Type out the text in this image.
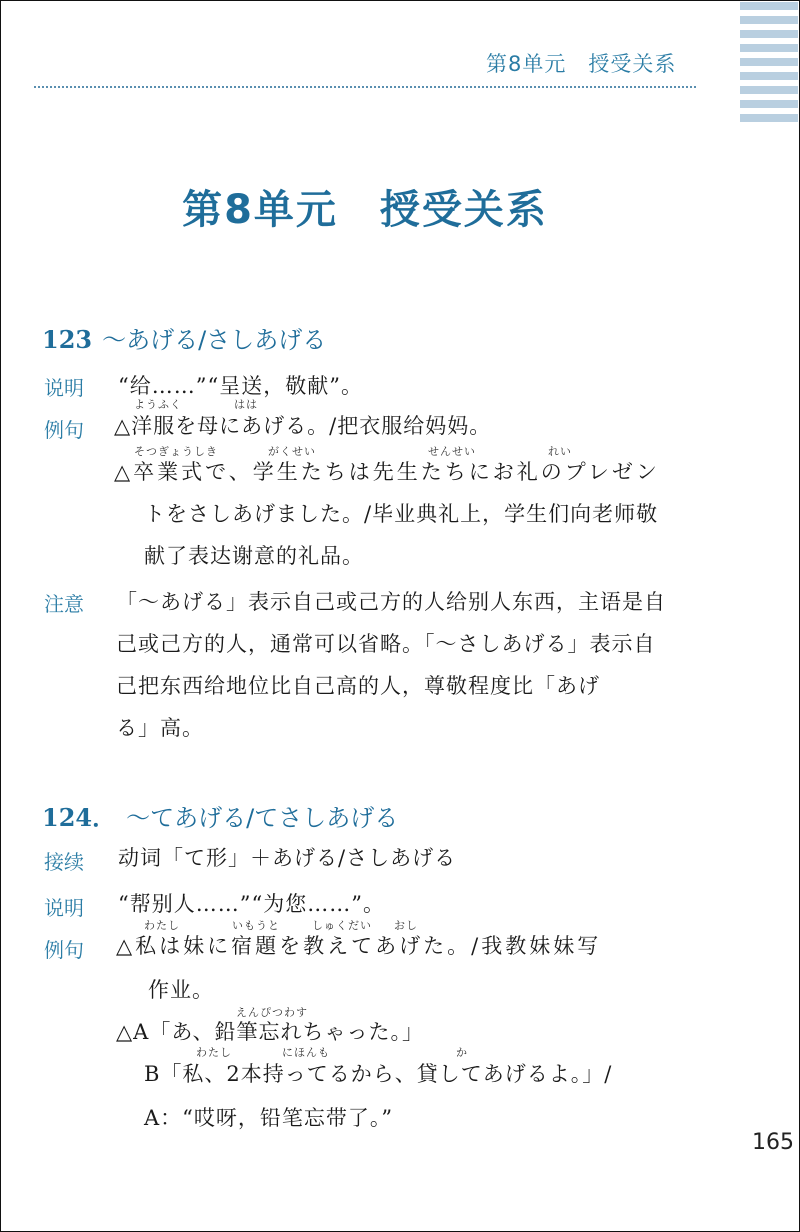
第8单元　授受关系
第8单元　授受关系
123 ～あげる/さしあげる
说明 “给……”“呈送，敬献”。
例句
ようふく	はは
△洋服を母にあげる。/把衣服给妈妈。
そつぎょうしき	がくせい	せんせい	れい
△卒業式で、学生たちは先生たちにお礼のプレゼン
トをさしあげました。/毕业典礼上，学生们向老师敬
献了表达谢意的礼品。
注意 「～あげる」表示自己或己方的人给别人东西，主语是自
己或己方的人，通常可以省略。「～さしあげる」表示自
己把东西给地位比自己高的人，尊敬程度比「あげ
る」高。
124． ～てあげる/てさしあげる
接续 动词「て形」＋あげる/さしあげる
说明 “帮别人……”“为您……”。
例句
わたし	いもうと	しゅくだい おし
△私は妹に宿題を教えてあげた。/我教妹妹写
作业。
えんぴつわす
△A「あ、鉛筆忘れちゃった。」
わたし	にほんも	か
B「私、2本持ってるから、貸してあげるよ。」/
A：“哎呀，铅笔忘带了。”
165
